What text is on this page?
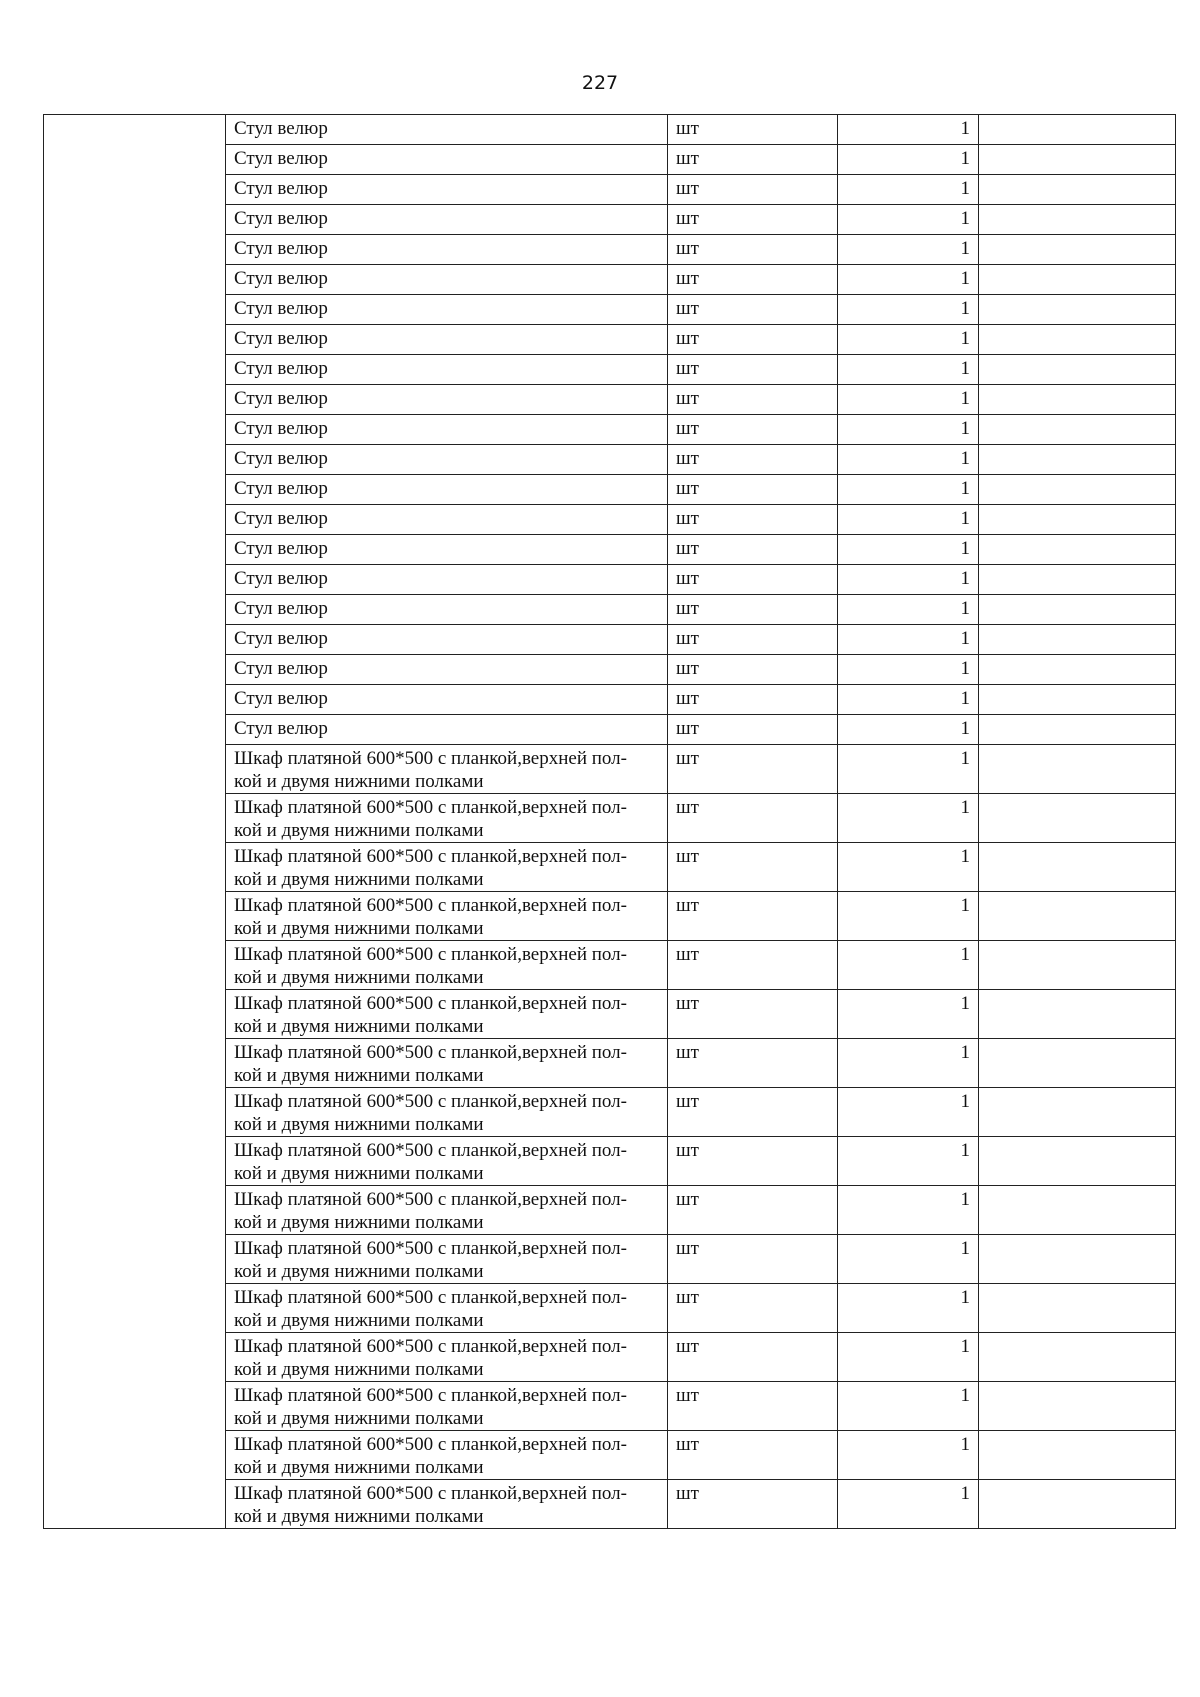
227

	Стул велюр	шт	1	

	Стул велюр	шт	1	

	Стул велюр	шт	1	

	Стул велюр	шт	1	

	Стул велюр	шт	1	

	Стул велюр	шт	1	

	Стул велюр	шт	1	

	Стул велюр	шт	1	

	Стул велюр	шт	1	

	Стул велюр	шт	1	

	Стул велюр	шт	1	

	Стул велюр	шт	1	

	Стул велюр	шт	1	

	Стул велюр	шт	1	

	Стул велюр	шт	1	

	Стул велюр	шт	1	

	Стул велюр	шт	1	

	Стул велюр	шт	1	

	Стул велюр	шт	1	

	Стул велюр	шт	1	

	Стул велюр	шт	1	

	Шкаф платяной 600*500 с планкой,верхней пол-
кой и двумя нижними полками	шт	1	

	Шкаф платяной 600*500 с планкой,верхней пол-
кой и двумя нижними полками	шт	1	

	Шкаф платяной 600*500 с планкой,верхней пол-
кой и двумя нижними полками	шт	1	

	Шкаф платяной 600*500 с планкой,верхней пол-
кой и двумя нижними полками	шт	1	

	Шкаф платяной 600*500 с планкой,верхней пол-
кой и двумя нижними полками	шт	1	

	Шкаф платяной 600*500 с планкой,верхней пол-
кой и двумя нижними полками	шт	1	

	Шкаф платяной 600*500 с планкой,верхней пол-
кой и двумя нижними полками	шт	1	

	Шкаф платяной 600*500 с планкой,верхней пол-
кой и двумя нижними полками	шт	1	

	Шкаф платяной 600*500 с планкой,верхней пол-
кой и двумя нижними полками	шт	1	

	Шкаф платяной 600*500 с планкой,верхней пол-
кой и двумя нижними полками	шт	1	

	Шкаф платяной 600*500 с планкой,верхней пол-
кой и двумя нижними полками	шт	1	

	Шкаф платяной 600*500 с планкой,верхней пол-
кой и двумя нижними полками	шт	1	

	Шкаф платяной 600*500 с планкой,верхней пол-
кой и двумя нижними полками	шт	1	

	Шкаф платяной 600*500 с планкой,верхней пол-
кой и двумя нижними полками	шт	1	

	Шкаф платяной 600*500 с планкой,верхней пол-
кой и двумя нижними полками	шт	1	

	Шкаф платяной 600*500 с планкой,верхней пол-
кой и двумя нижними полками	шт	1	
